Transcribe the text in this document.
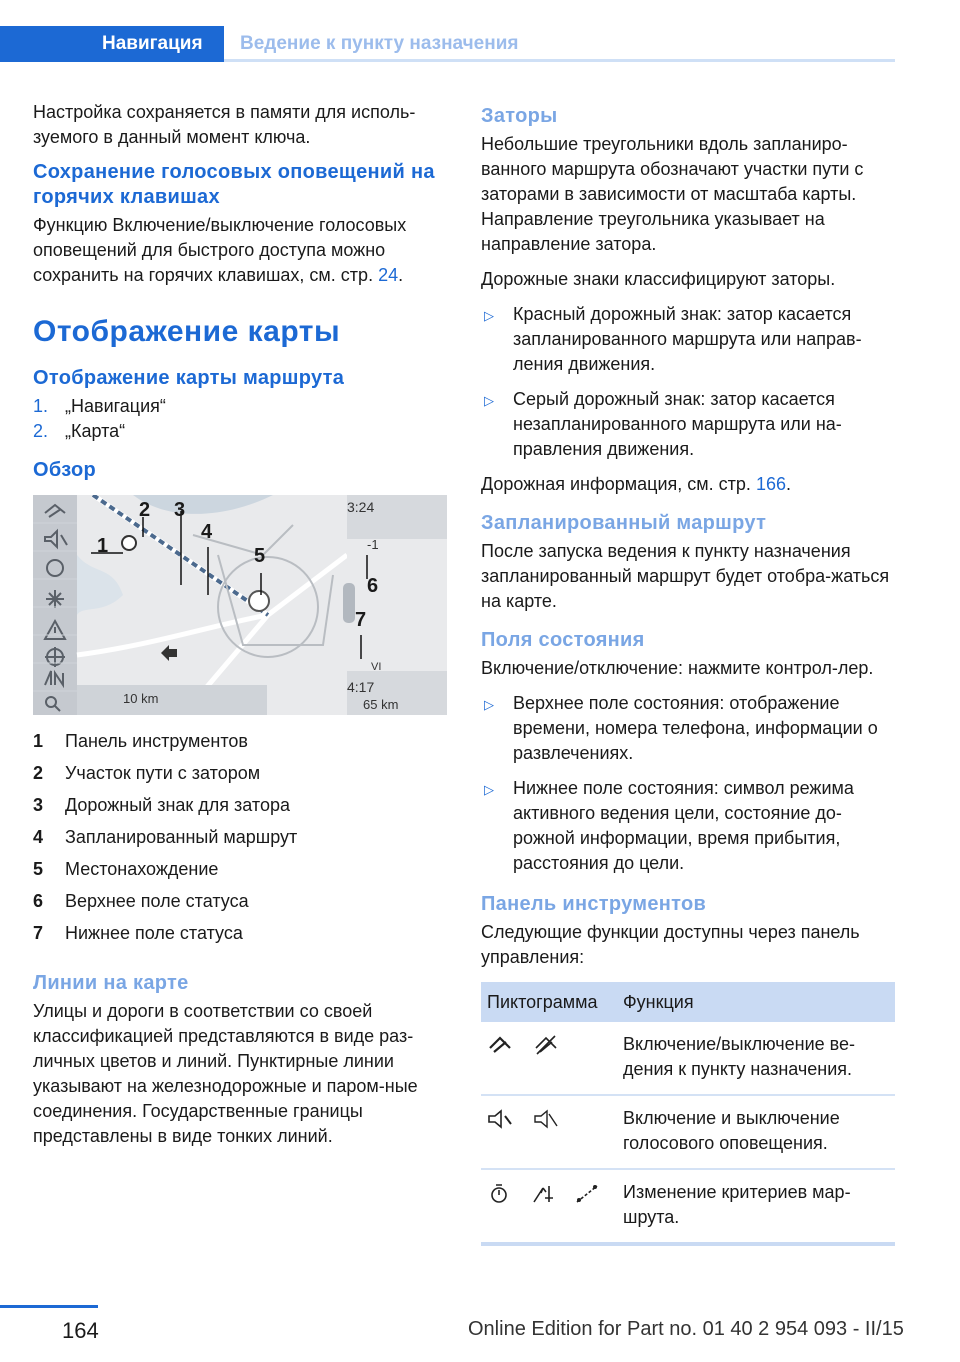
Навигация	Ведение к пункту назначения

Настройка сохраняется в памяти для исполь-зуемого в данный момент ключа.

Сохранение голосовых оповещений на горячих клавишах

Функцию Включение/выключение голосовых оповещений для быстрого доступа можно сохранить на горячих клавишах, см. стр. 24.

Отображение карты
Отображение карты маршрута
1. „Навигация“
2. „Карта“
Обзор
3:24
-1
10 km
4:17
65 km
VI
1
2 3
4
5
6
7
1	Панель инструментов
2	Участок пути с затором
3	Дорожный знак для затора
4	Запланированный маршрут
5	Местонахождение
6	Верхнее поле статуса
7	Нижнее поле статуса
Линии на карте

Улицы и дороги в соответствии со своей классификацией представляются в виде раз-личных цветов и линий. Пунктирные линии указывают на железнодорожные и паром-ные соединения. Государственные границы представлены в виде тонких линий.

Заторы

Небольшие треугольники вдоль запланиро-ванного маршрута обозначают участки пути с заторами в зависимости от масштаба карты. Направление треугольника указывает на направление затора.

Дорожные знаки классифицируют заторы.

▷	Красный дорожный знак: затор касается запланированного маршрута или направ-ления движения.
▷	Серый дорожный знак: затор касается незапланированного маршрута или на-правления движения.

Дорожная информация, см. стр. 166.

Запланированный маршрут

После запуска ведения к пункту назначения запланированный маршрут будет отобра-жаться на карте.

Поля состояния

Включение/отключение: нажмите контрол-лер.

▷	Верхнее поле состояния: отображение времени, номера телефона, информации о развлечениях.
▷	Нижнее поле состояния: символ режима активного ведения цели, состояние до-рожной информации, время прибытия, расстояния до цели.
Панель инструментов

Следующие функции доступны через панель управления:

Пиктограмма	Функция

	Включение/выключение ве-дения к пункту назначения.

	Включение и выключение голосового оповещения.

	Изменение критериев мар-шрута.
164	Online Edition for Part no. 01 40 2 954 093 - II/15
